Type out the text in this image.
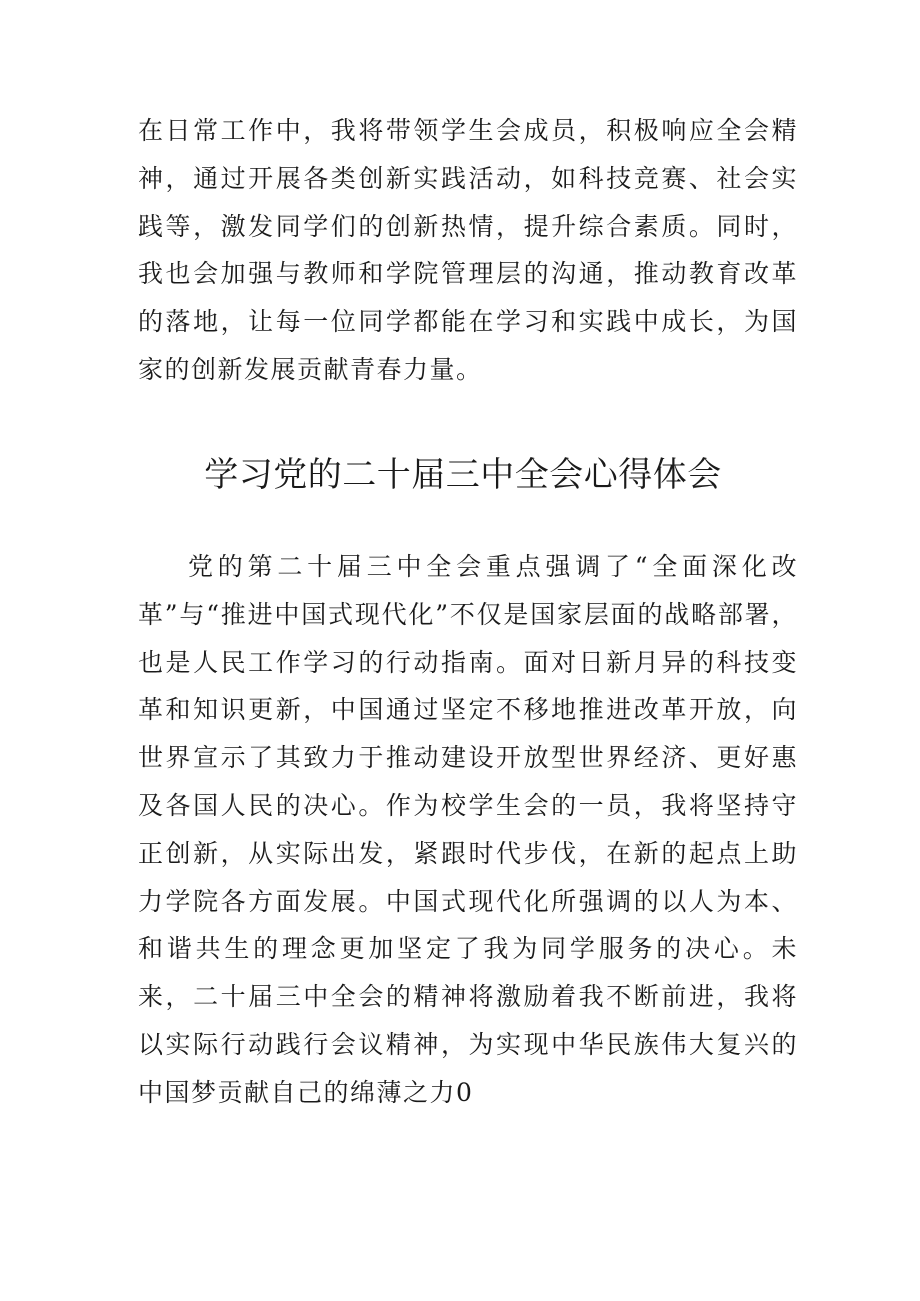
在日常工作中，我将带领学生会成员，积极响应全会精神，通过开展各类创新实践活动，如科技竞赛、社会实践等，激发同学们的创新热情，提升综合素质。同时，我也会加强与教师和学院管理层的沟通，推动教育改革的落地，让每一位同学都能在学习和实践中成长，为国家的创新发展贡献青春力量。

学习党的二十届三中全会心得体会

党的第二十届三中全会重点强调了“全面深化改革”与“推进中国式现代化”不仅是国家层面的战略部署，也是人民工作学习的行动指南。面对日新月异的科技变革和知识更新，中国通过坚定不移地推进改革开放，向世界宣示了其致力于推动建设开放型世界经济、更好惠及各国人民的决心。作为校学生会的一员，我将坚持守正创新，从实际出发，紧跟时代步伐，在新的起点上助力学院各方面发展。中国式现代化所强调的以人为本、和谐共生的理念更加坚定了我为同学服务的决心。未来，二十届三中全会的精神将激励着我不断前进，我将以实际行动践行会议精神，为实现中华民族伟大复兴的中国梦贡献自己的绵薄之力0
